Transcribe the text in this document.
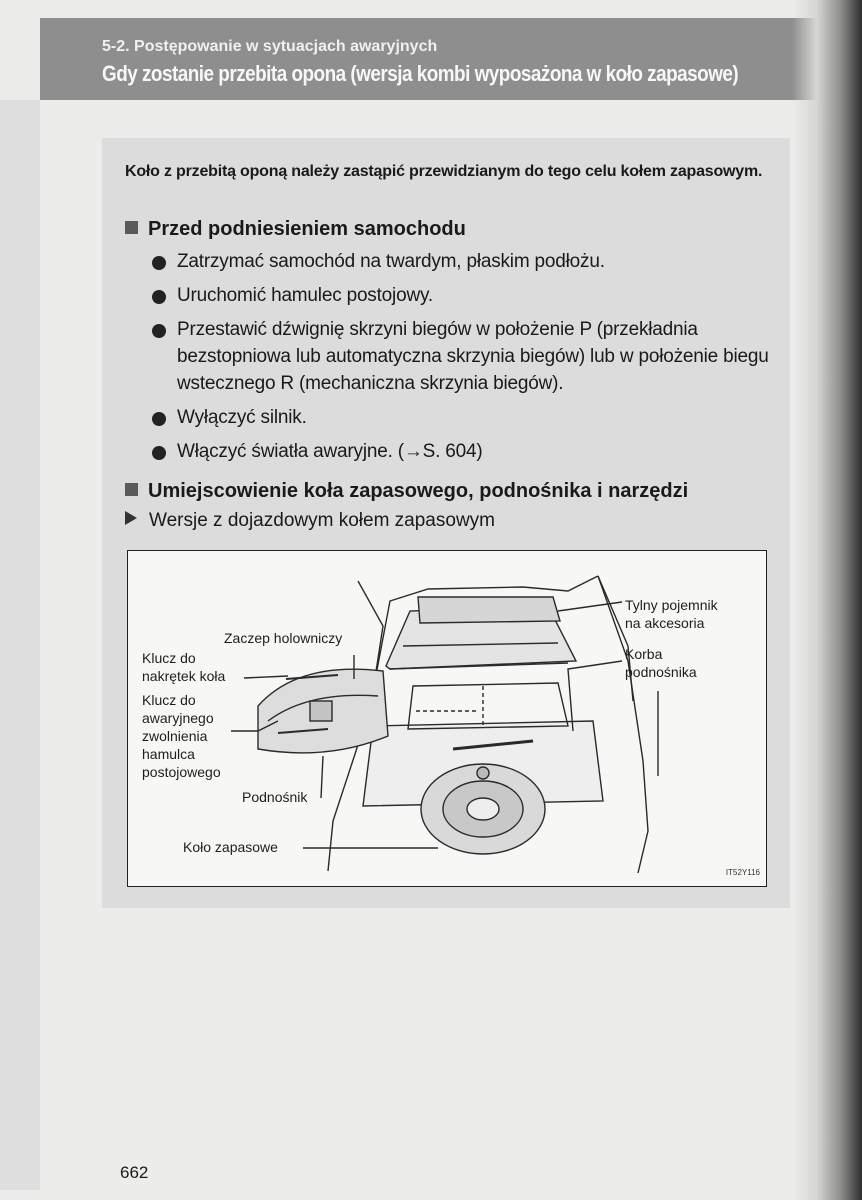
5-2. Postępowanie w sytuacjach awaryjnych
Gdy zostanie przebita opona (wersja kombi wyposażona w koło zapasowe)
Koło z przebitą oponą należy zastąpić przewidzianym do tego celu kołem zapasowym.
Przed podniesieniem samochodu
Zatrzymać samochód na twardym, płaskim podłożu.
Uruchomić hamulec postojowy.
Przestawić dźwignię skrzyni biegów w położenie P (przekładnia bezstopniowa lub automatyczna skrzynia biegów) lub w położenie biegu wstecznego R (mechaniczna skrzynia biegów).
Wyłączyć silnik.
Włączyć światła awaryjne. (→S. 604)
Umiejscowienie koła zapasowego, podnośnika i narzędzi
Wersje z dojazdowym kołem zapasowym
Zaczep holowniczy
Klucz do
nakrętek koła
Klucz do
awaryjnego
zwolnienia
hamulca
postojowego
Podnośnik
Koło zapasowe
Tylny pojemnik
na akcesoria
Korba
podnośnika
IT52Y116
662
